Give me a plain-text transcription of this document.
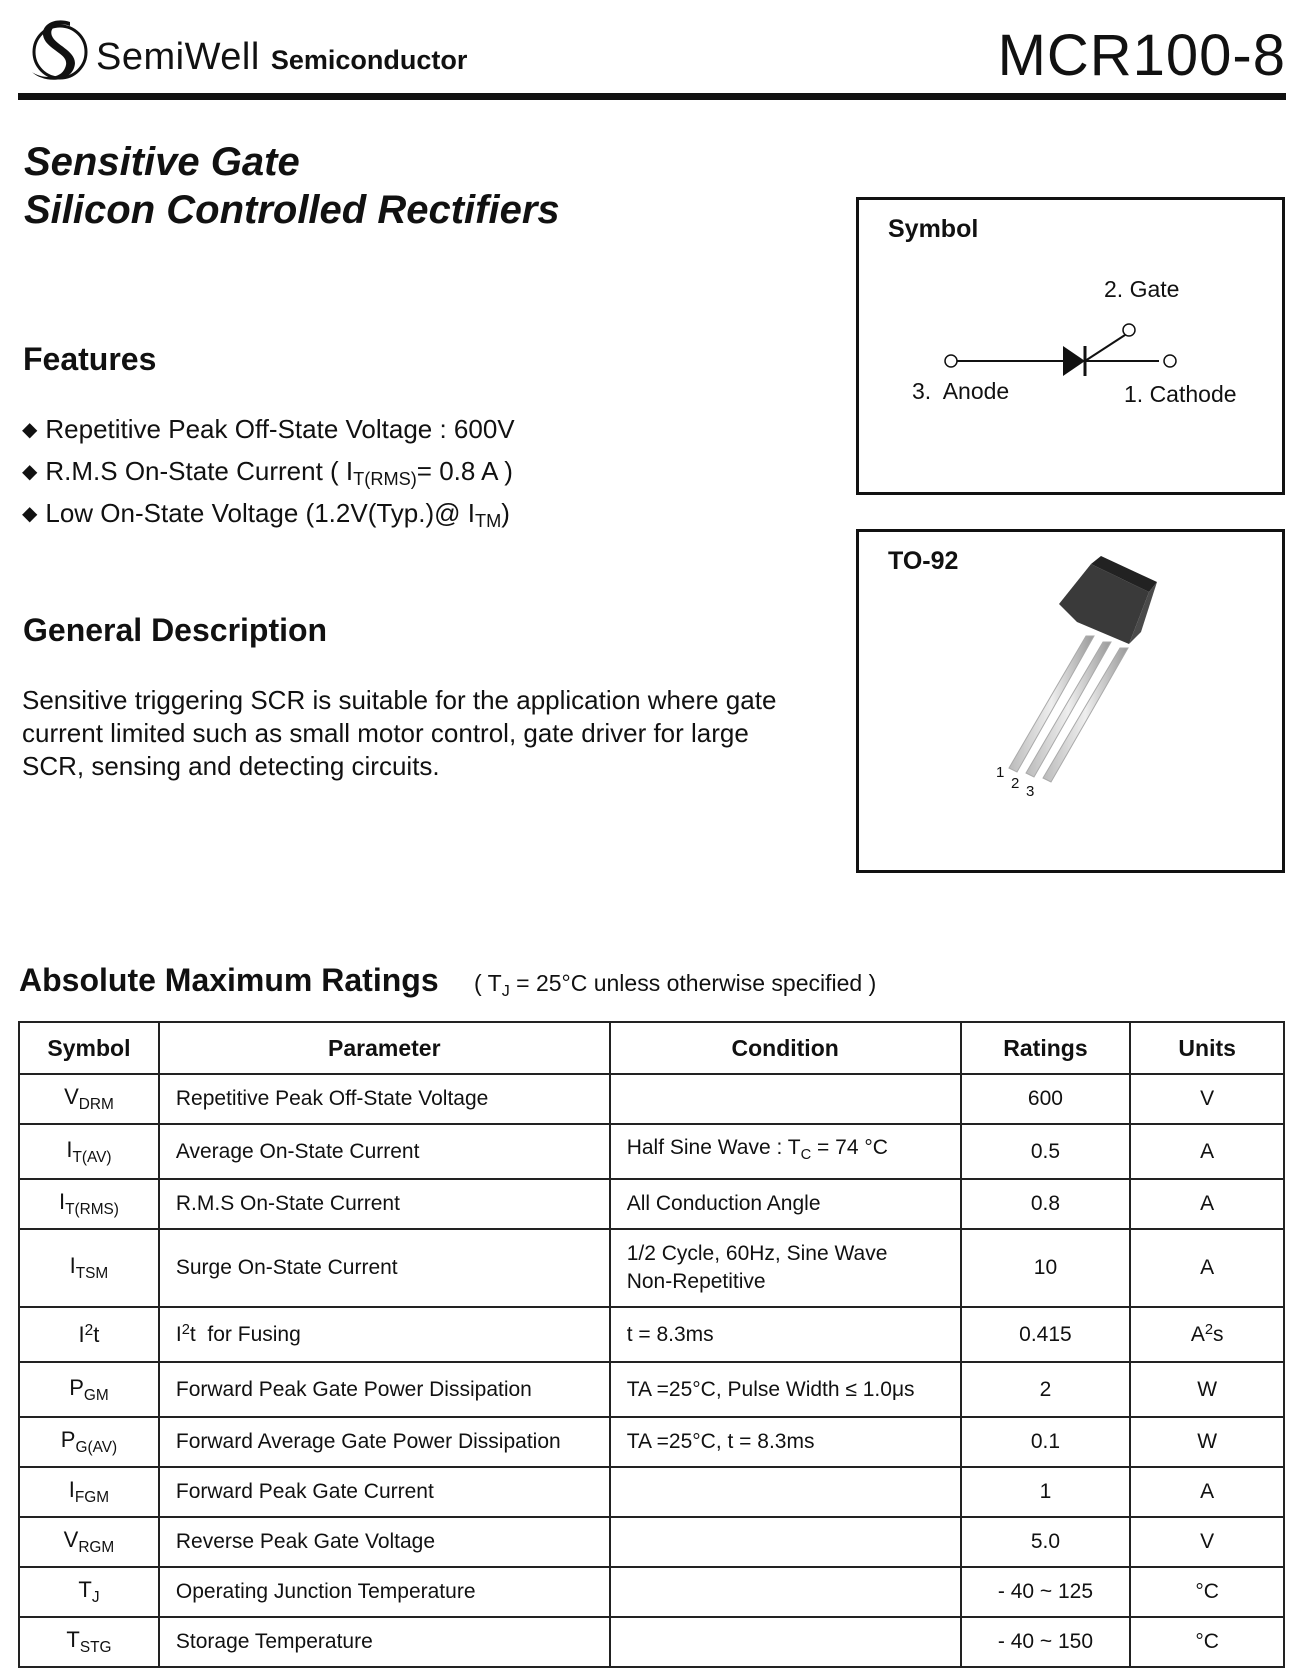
SemiWell Semiconductor	MCR100-8
Sensitive Gate
Silicon Controlled Rectifiers
Features
◆ Repetitive Peak Off-State Voltage : 600V
◆ R.M.S On-State Current ( $I_{T(RMS)}= 0.8$ A )
◆ Low On-State Voltage (1.2V(Typ.)@ $I_{TM}$)
General Description

Sensitive triggering SCR is suitable for the application where gate current limited such as small motor control, gate driver for large SCR, sensing and detecting circuits.

Symbol
2. Gate
3.  Anode	1. Cathode
TO-92
1
2 3
Absolute Maximum Ratings ( $T_J = 25^\circ C$ unless otherwise specified )
Symbol	Parameter	Condition	Ratings	Units
$V_{DRM}$	Repetitive Peak Off-State Voltage		600	V
$I_{T(AV)}$	Average On-State Current	Half Sine Wave : $T_C = 74$ °C	0.5	A
$I_{T(RMS)}$	R.M.S On-State Current	All Conduction Angle	0.8	A
$I_{TSM}$	Surge On-State Current	1/2 Cycle, 60Hz, Sine Wave
Non-Repetitive	10	A
$I^2t$	$I^2t$  for Fusing	t = 8.3ms	0.415	$A^2s$
$P_{GM}$	Forward Peak Gate Power Dissipation	TA =25°C, Pulse Width ≤ 1.0μs	2	W
$P_{G(AV)}$	Forward Average Gate Power Dissipation	TA =25°C, t = 8.3ms	0.1	W
$I_{FGM}$	Forward Peak Gate Current		1	A
$V_{RGM}$	Reverse Peak Gate Voltage		5.0	V
$T_J$	Operating Junction Temperature		- 40 ~ 125	°C
$T_{STG}$	Storage Temperature		- 40 ~ 150	°C
